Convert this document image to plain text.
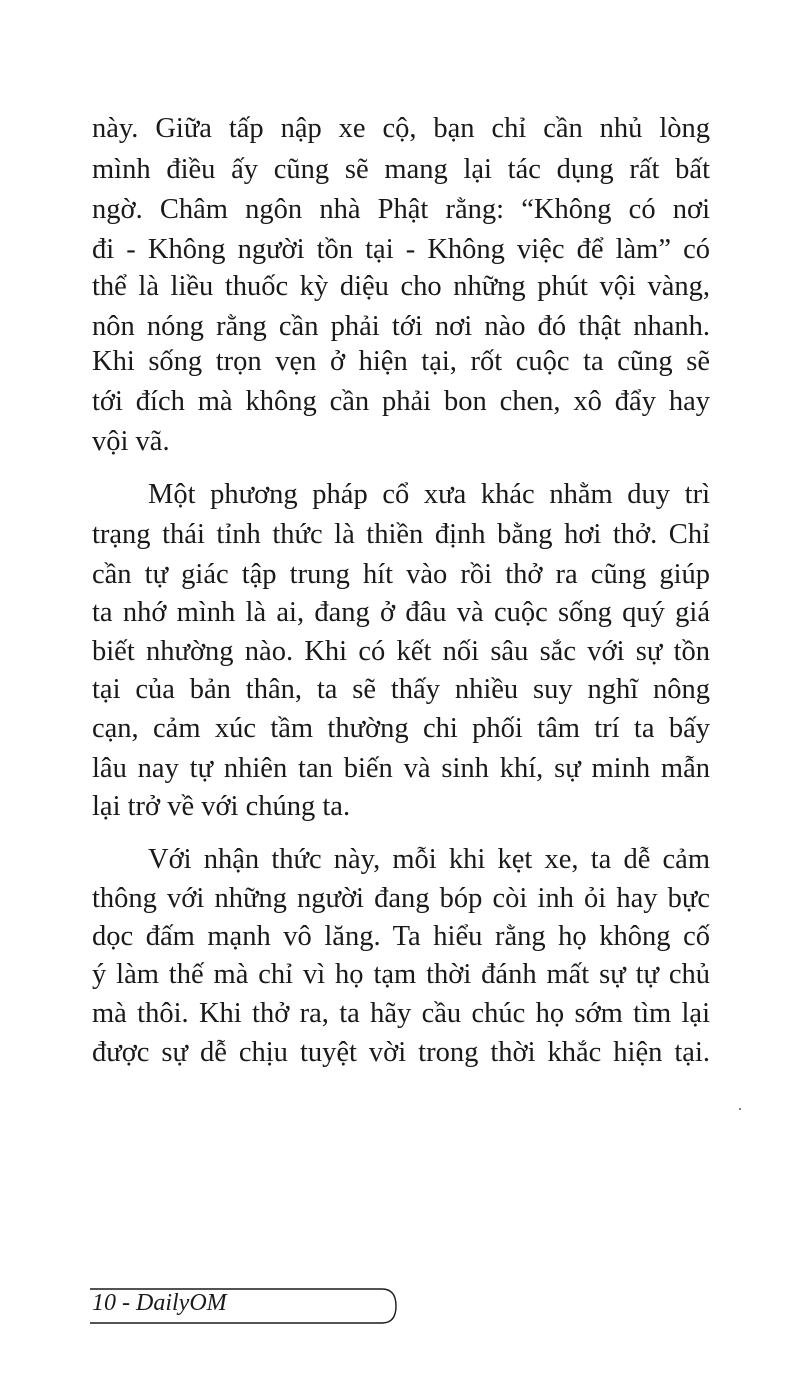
này. Giữa tấp nập xe cộ, bạn chỉ cần nhủ lòng
mình điều ấy cũng sẽ mang lại tác dụng rất bất
ngờ. Châm ngôn nhà Phật rằng: “Không có nơi
đi - Không người tồn tại - Không việc để làm” có
thể là liều thuốc kỳ diệu cho những phút vội vàng,
nôn nóng rằng cần phải tới nơi nào đó thật nhanh.
Khi sống trọn vẹn ở hiện tại, rốt cuộc ta cũng sẽ
tới đích mà không cần phải bon chen, xô đẩy hay
vội vã.
Một phương pháp cổ xưa khác nhằm duy trì
trạng thái tỉnh thức là thiền định bằng hơi thở. Chỉ
cần tự giác tập trung hít vào rồi thở ra cũng giúp
ta nhớ mình là ai, đang ở đâu và cuộc sống quý giá
biết nhường nào. Khi có kết nối sâu sắc với sự tồn
tại của bản thân, ta sẽ thấy nhiều suy nghĩ nông
cạn, cảm xúc tầm thường chi phối tâm trí ta bấy
lâu nay tự nhiên tan biến và sinh khí, sự minh mẫn
lại trở về với chúng ta.
Với nhận thức này, mỗi khi kẹt xe, ta dễ cảm
thông với những người đang bóp còi inh ỏi hay bực
dọc đấm mạnh vô lăng. Ta hiểu rằng họ không cố
ý làm thế mà chỉ vì họ tạm thời đánh mất sự tự chủ
mà thôi. Khi thở ra, ta hãy cầu chúc họ sớm tìm lại
được sự dễ chịu tuyệt vời trong thời khắc hiện tại.
10 - DailyOM
